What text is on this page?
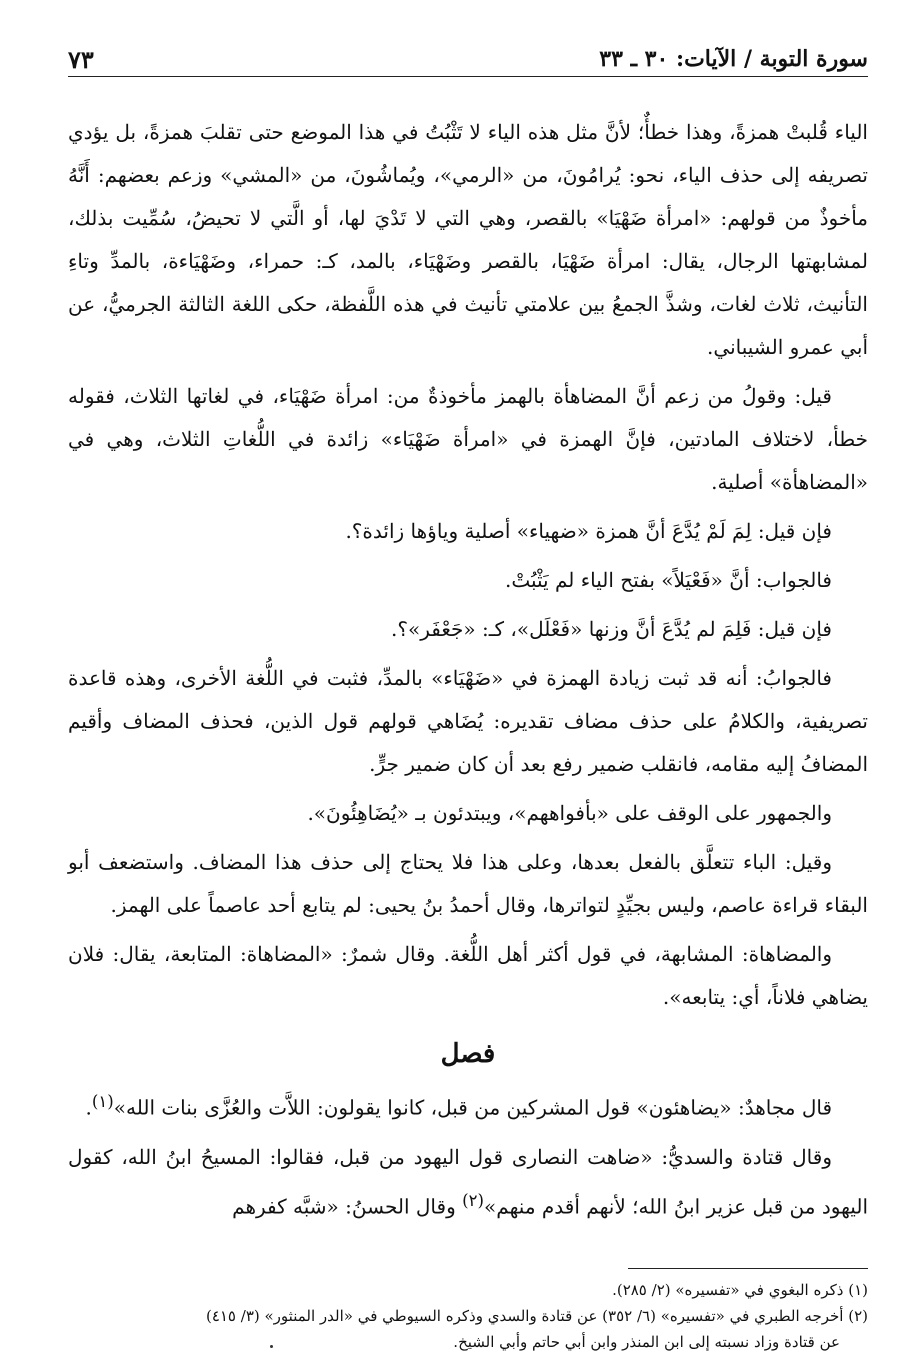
سورة التوبة / الآيات: ٣٠ ـ ٣٣
٧٣

الياء قُلبتْ همزةً، وهذا خطأٌ؛ لأنَّ مثل هذه الياء لا تَثْبُتُ في هذا الموضع حتى تقلبَ همزةً، بل يؤدي تصريفه إلى حذف الياء، نحو: يُرامُونَ، من «الرمي»، ويُماشُونَ، من «المشي» وزعم بعضهم: أَنَّهُ مأخوذٌ من قولهم: «امرأة ضَهْيَا» بالقصر، وهي التي لا تَدْيَ لها، أو الَّتي لا تحيضُ، سُمِّيت بذلك، لمشابهتها الرجال، يقال: امرأة ضَهْيَا، بالقصر وضَهْيَاء، بالمد، كـ: حمراء، وضَهْيَاءة، بالمدِّ وتاءِ التأنيث، ثلاث لغات، وشذَّ الجمعُ بين علامتي تأنيث في هذه اللَّفظة، حكى اللغة الثالثة الجرميُّ، عن أبي عمرو الشيباني.

قيل: وقولُ من زعم أنَّ المضاهأة بالهمز مأخوذةٌ من: امرأة ضَهْيَاء، في لغاتها الثلاث، فقوله خطأ، لاختلاف المادتين، فإنَّ الهمزة في «امرأة ضَهْيَاء» زائدة في اللُّغاتِ الثلاث، وهي في «المضاهأة» أصلية.

فإن قيل: لِمَ لَمْ يُدَّعَ أنَّ همزة «ضهياء» أصلية وياؤها زائدة؟.

فالجواب: أنَّ «فَعْيَلاً» بفتح الياء لم يَثْبُتْ.

فإن قيل: فَلِمَ لم يُدَّعَ أنَّ وزنها «فَعْلَل»، كـ: «جَعْفَر»؟.

فالجوابُ: أنه قد ثبت زيادة الهمزة في «ضَهْيَاء» بالمدِّ، فثبت في اللُّغة الأخرى، وهذه قاعدة تصريفية، والكلامُ على حذف مضاف تقديره: يُضَاهي قولهم قول الذين، فحذف المضاف وأقيم المضافُ إليه مقامه، فانقلب ضمير رفع بعد أن كان ضمير جرٍّ.

والجمهور على الوقف على «بأفواههم»، ويبتدئون بـ «يُضَاهِئُونَ».

وقيل: الباء تتعلَّق بالفعل بعدها، وعلى هذا فلا يحتاج إلى حذف هذا المضاف. واستضعف أبو البقاء قراءة عاصم، وليس بجيِّدٍ لتواترها، وقال أحمدُ بنُ يحيى: لم يتابع أحد عاصماً على الهمز.

والمضاهاة: المشابهة، في قول أكثر أهل اللُّغة. وقال شمرٌ: «المضاهاة: المتابعة، يقال: فلان يضاهي فلاناً، أي: يتابعه».

فصل

قال مجاهدٌ: «يضاهئون» قول المشركين من قبل، كانوا يقولون: اللاَّت والعُزَّى بنات الله»$^{(١)}$.

وقال قتادة والسديُّ: «ضاهت النصارى قول اليهود من قبل، فقالوا: المسيحُ ابنُ الله، كقول اليهود من قبل عزير ابنُ الله؛ لأنهم أقدم منهم»$^{(٢)}$ وقال الحسنُ: «شبَّه كفرهم

(١) ذكره البغوي في «تفسيره» (٢/ ٢٨٥).

(٢) أخرجه الطبري في «تفسيره» (٦/ ٣٥٢) عن قتادة والسدي وذكره السيوطي في «الدر المنثور» (٣/ ٤١٥)

عن قتادة وزاد نسبته إلى ابن المنذر وابن أبي حاتم وأبي الشيخ.
